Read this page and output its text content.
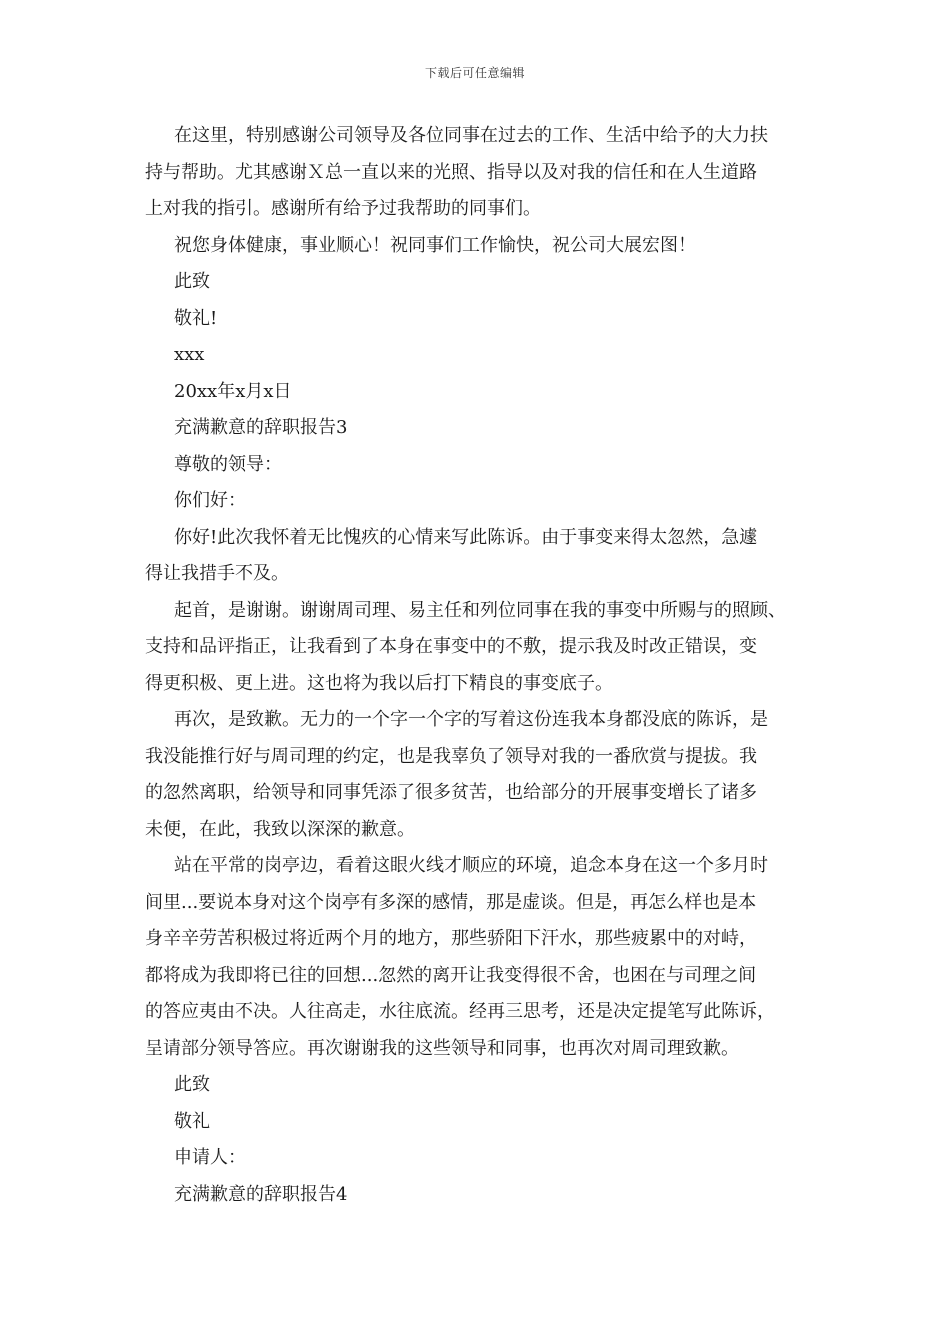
下载后可任意编辑
在这里，特别感谢公司领导及各位同事在过去的工作、生活中给予的大力扶
持与帮助。尤其感谢Ｘ总一直以来的光照、指导以及对我的信任和在人生道路
上对我的指引。感谢所有给予过我帮助的同事们。
祝您身体健康，事业顺心！祝同事们工作愉快，祝公司大展宏图！
此致
敬礼!
xxx
20xx年x月x日
充满歉意的辞职报告3
尊敬的领导：
你们好：
你好!此次我怀着无比愧疚的心情来写此陈诉。由于事变来得太忽然，急遽
得让我措手不及。
起首，是谢谢。谢谢周司理、易主任和列位同事在我的事变中所赐与的照顾、
支持和品评指正，让我看到了本身在事变中的不敷，提示我及时改正错误，变
得更积极、更上进。这也将为我以后打下精良的事变底子。
再次，是致歉。无力的一个字一个字的写着这份连我本身都没底的陈诉，是
我没能推行好与周司理的约定，也是我辜负了领导对我的一番欣赏与提拔。我
的忽然离职，给领导和同事凭添了很多贫苦，也给部分的开展事变增长了诸多
未便，在此，我致以深深的歉意。
站在平常的岗亭边，看着这眼火线才顺应的环境，追念本身在这一个多月时
间里...要说本身对这个岗亭有多深的感情，那是虚谈。但是，再怎么样也是本
身辛辛劳苦积极过将近两个月的地方，那些骄阳下汗水，那些疲累中的对峙，
都将成为我即将已往的回想...忽然的离开让我变得很不舍，也困在与司理之间
的答应夷由不决。人往高走，水往底流。经再三思考，还是决定提笔写此陈诉，
呈请部分领导答应。再次谢谢我的这些领导和同事，也再次对周司理致歉。
此致
敬礼
申请人：
充满歉意的辞职报告4
